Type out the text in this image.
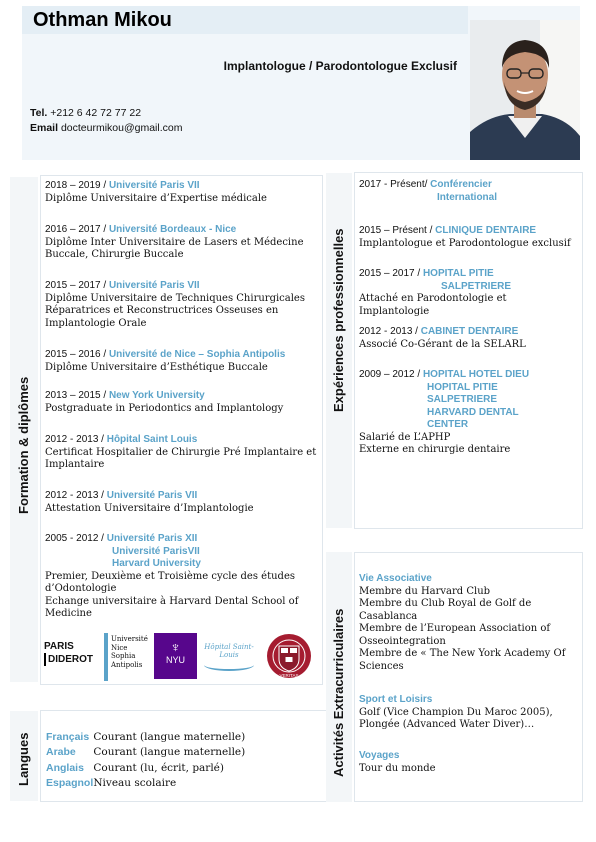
Othman Mikou
Implantologue / Parodontologue Exclusif
Tel. +212 6 42 72 77 22
Email docteurmikou@gmail.com
Formation & diplômes
2018 – 2019 / Université Paris VII
Diplôme Universitaire d’Expertise médicale
2016 – 2017 / Université Bordeaux - Nice
Diplôme Inter Universitaire de Lasers et Médecine Buccale, Chirurgie Buccale
2015 – 2017 / Université Paris VII
Diplôme Universitaire de Techniques Chirurgicales Réparatrices et Reconstructrices Osseuses en Implantologie Orale
2015 – 2016 / Université de Nice – Sophia Antipolis
Diplôme Universitaire d’Esthétique Buccale
2013 – 2015 / New York University
Postgraduate in Periodontics and Implantology
2012 - 2013 / Hôpital Saint Louis
Certificat Hospitalier de Chirurgie Pré Implantaire et Implantaire
2012 - 2013 / Université Paris VII
Attestation Universitaire d’Implantologie
2005 - 2012 / Université Paris XII

Université ParisVII
Harvard University
Premier, Deuxième et Troisième cycle des études d’Odontologie
Echange universitaire à Harvard Dental School of Medicine
PARIS
DIDEROT
Université
Nice
Sophia Antipolis
♆
NYU
Hôpital Saint-Louis
VERITAS
Expériences professionnelles
2017 - Présent/ Conférencier
International
2015 – Présent / CLINIQUE DENTAIRE
Implantologue et Parodontologue exclusif
2015 – 2017 / HOPITAL PITIE
SALPETRIERE
Attaché en Parodontologie et Implantologie
2012 - 2013 / CABINET DENTAIRE
Associé Co-Gérant de la SELARL
2009 – 2012 / HOPITAL HOTEL DIEU

HOPITAL PITIE
SALPETRIERE
HARVARD DENTAL
CENTER
Salarié de L’APHP
Externe en chirurgie dentaire
Langues Français Courant (langue maternelle)
Arabe Courant (langue maternelle)
Anglais Courant (lu, écrit, parlé)
Espagnol Niveau scolaire
Activités Extracurriculaires
Vie Associative
Membre du Harvard Club
Membre du Club Royal de Golf de Casablanca
Membre de l’European Association of Osseointegration
Membre de « The New York Academy Of Sciences
Sport et Loisirs
Golf (Vice Champion Du Maroc 2005), Plongée (Advanced Water Diver)…
Voyages
Tour du monde
